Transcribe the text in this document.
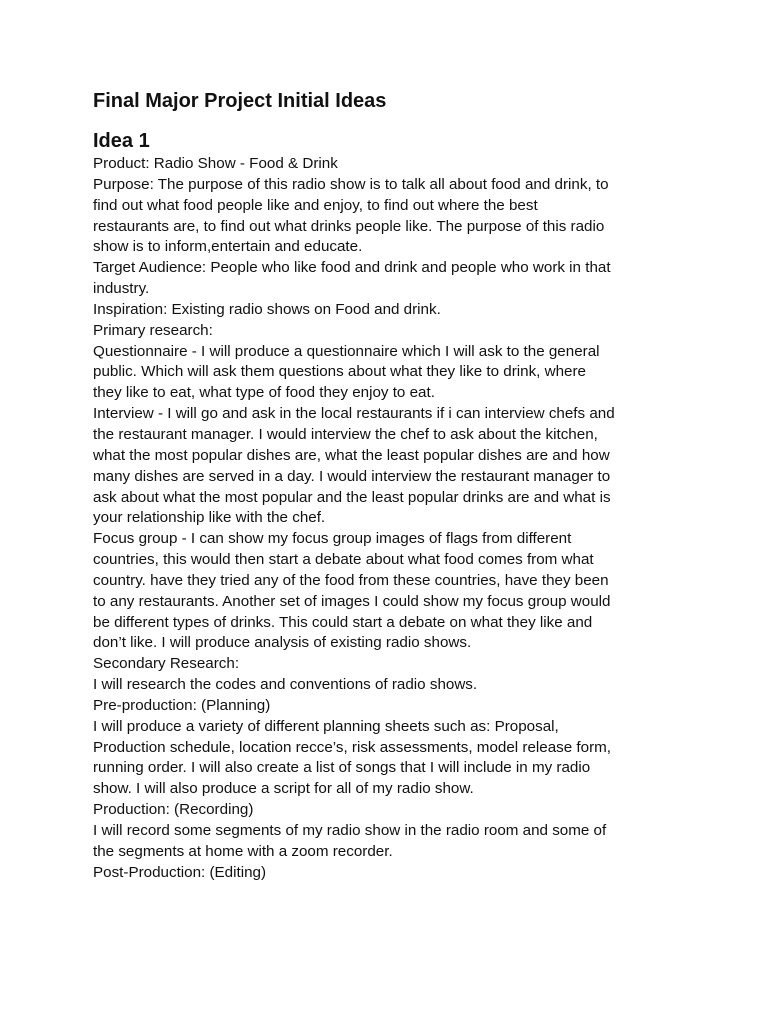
Final Major Project Initial Ideas
Idea 1
Product: Radio Show - Food & Drink
Purpose: The purpose of this radio show is to talk all about food and drink, to
find out what food people like and enjoy, to find out where the best
restaurants are, to find out what drinks people like. The purpose of this radio
show is to inform,entertain and educate.
Target Audience: People who like food and drink and people who work in that
industry.
Inspiration: Existing radio shows on Food and drink.
Primary research:
Questionnaire - I will produce a questionnaire which I will ask to the general
public. Which will ask them questions about what they like to drink, where
they like to eat, what type of food they enjoy to eat.
Interview - I will go and ask in the local restaurants if i can interview chefs and
the restaurant manager. I would interview the chef to ask about the kitchen,
what the most popular dishes are, what the least popular dishes are and how
many dishes are served in a day. I would interview the restaurant manager to
ask about what the most popular and the least popular drinks are and what is
your relationship like with the chef.
Focus group - I can show my focus group images of flags from different
countries, this would then start a debate about what food comes from what
country. have they tried any of the food from these countries, have they been
to any restaurants. Another set of images I could show my focus group would
be different types of drinks. This could start a debate on what they like and
don’t like. I will produce analysis of existing radio shows.
Secondary Research:
I will research the codes and conventions of radio shows.
Pre-production: (Planning)
I will produce a variety of different planning sheets such as: Proposal,
Production schedule, location recce’s, risk assessments, model release form,
running order. I will also create a list of songs that I will include in my radio
show. I will also produce a script for all of my radio show.
Production: (Recording)
I will record some segments of my radio show in the radio room and some of
the segments at home with a zoom recorder.
Post-Production: (Editing)
